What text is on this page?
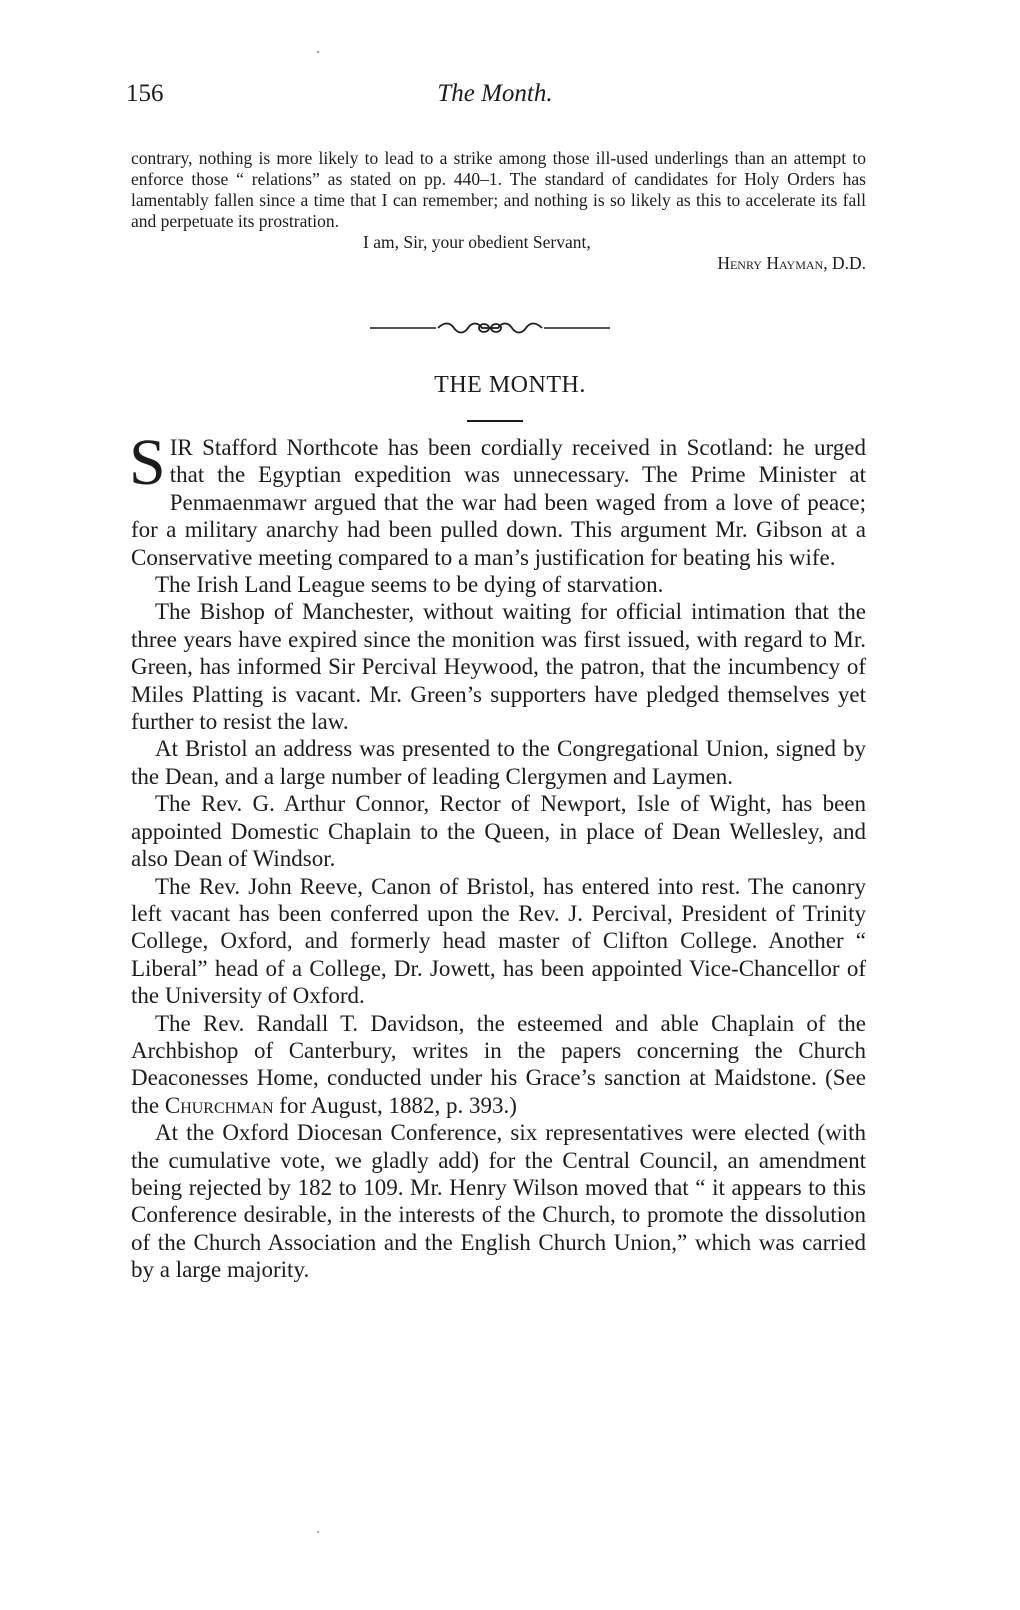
156	The Month.

contrary, nothing is more likely to lead to a strike among those ill-used underlings than an attempt to enforce those “ relations” as stated on pp. 440–1. The standard of candidates for Holy Orders has lamentably fallen since a time that I can remember; and nothing is so likely as this to accelerate its fall and perpetuate its prostration.

I am, Sir, your obedient Servant,

Henry Hayman, D.D.

THE MONTH.

SIR Stafford Northcote has been cordially received in Scotland: he urged that the Egyptian expedition was unnecessary. The Prime Minister at Penmaenmawr argued that the war had been waged from a love of peace; for a military anarchy had been pulled down. This argument Mr. Gibson at a Conservative meeting compared to a man’s justification for beating his wife.

The Irish Land League seems to be dying of starvation.

The Bishop of Manchester, without waiting for official intimation that the three years have expired since the monition was first issued, with regard to Mr. Green, has informed Sir Percival Heywood, the patron, that the incumbency of Miles Platting is vacant. Mr. Green’s supporters have pledged themselves yet further to resist the law.

At Bristol an address was presented to the Congregational Union, signed by the Dean, and a large number of leading Clergymen and Laymen.

The Rev. G. Arthur Connor, Rector of Newport, Isle of Wight, has been appointed Domestic Chaplain to the Queen, in place of Dean Wellesley, and also Dean of Windsor.

The Rev. John Reeve, Canon of Bristol, has entered into rest. The canonry left vacant has been conferred upon the Rev. J. Percival, President of Trinity College, Oxford, and formerly head master of Clifton College. Another “ Liberal” head of a College, Dr. Jowett, has been appointed Vice-Chancellor of the University of Oxford.

The Rev. Randall T. Davidson, the esteemed and able Chaplain of the Archbishop of Canterbury, writes in the papers concerning the Church Deaconesses Home, conducted under his Grace’s sanction at Maidstone. (See the Churchman for August, 1882, p. 393.)

At the Oxford Diocesan Conference, six representatives were elected (with the cumulative vote, we gladly add) for the Central Council, an amendment being rejected by 182 to 109. Mr. Henry Wilson moved that “ it appears to this Conference desirable, in the interests of the Church, to promote the dissolution of the Church Association and the English Church Union,” which was carried by a large majority.
